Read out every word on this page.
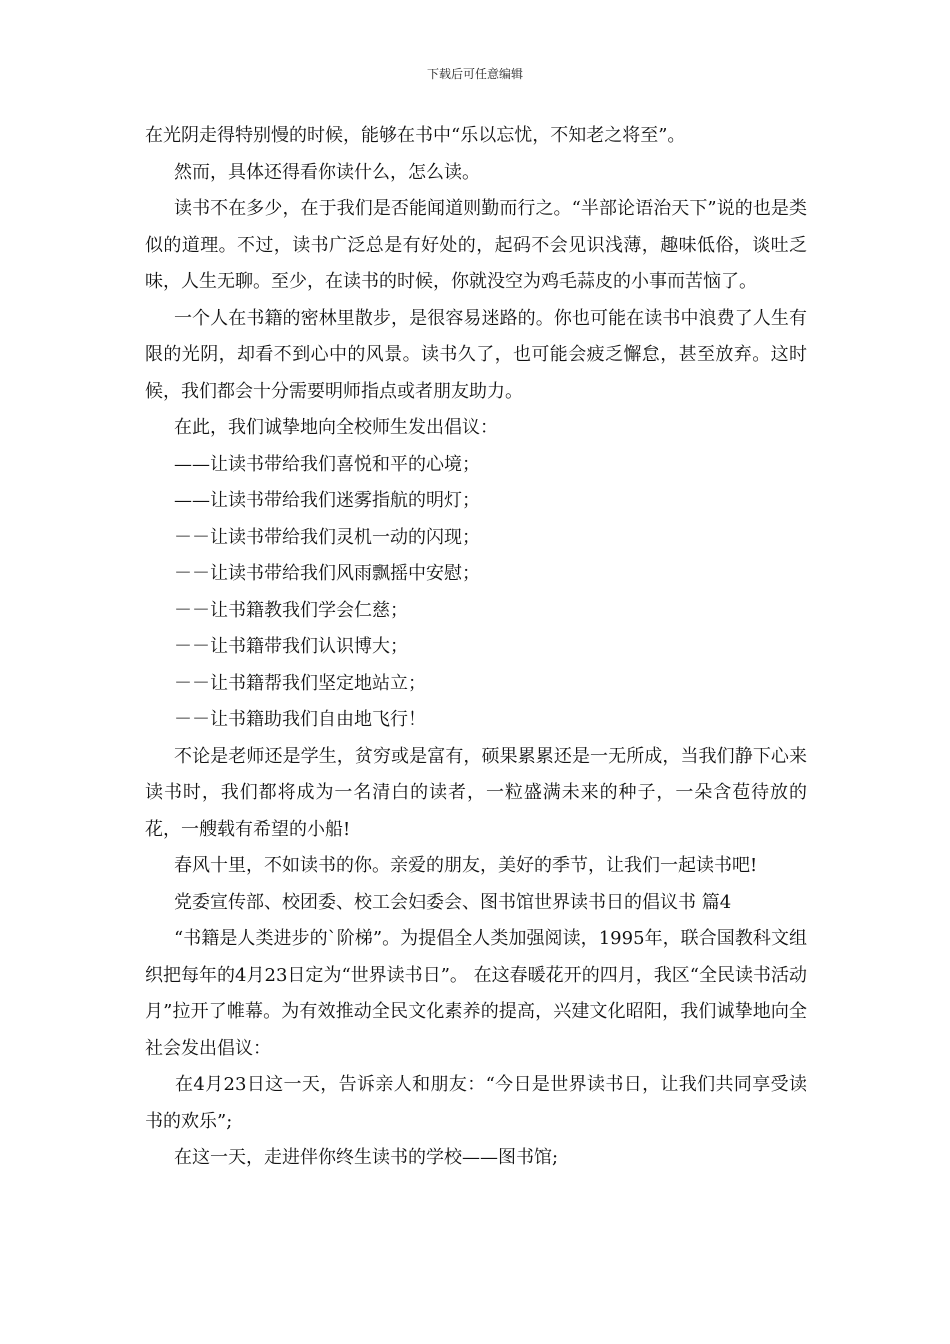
下载后可任意编辑

在光阴走得特别慢的时候，能够在书中“乐以忘忧，不知老之将至”。

然而，具体还得看你读什么，怎么读。

读书不在多少，在于我们是否能闻道则勤而行之。“半部论语治天下”说的也是类似的道理。不过，读书广泛总是有好处的，起码不会见识浅薄，趣味低俗，谈吐乏味，人生无聊。至少，在读书的时候，你就没空为鸡毛蒜皮的小事而苦恼了。

一个人在书籍的密林里散步，是很容易迷路的。你也可能在读书中浪费了人生有限的光阴，却看不到心中的风景。读书久了，也可能会疲乏懈怠，甚至放弃。这时候，我们都会十分需要明师指点或者朋友助力。

在此，我们诚挚地向全校师生发出倡议：

——让读书带给我们喜悦和平的心境；

——让读书带给我们迷雾指航的明灯；

－－让读书带给我们灵机一动的闪现；

－－让读书带给我们风雨飘摇中安慰；

－－让书籍教我们学会仁慈；

－－让书籍带我们认识博大；

－－让书籍帮我们坚定地站立；

－－让书籍助我们自由地飞行！

不论是老师还是学生，贫穷或是富有，硕果累累还是一无所成，当我们静下心来读书时，我们都将成为一名清白的读者，一粒盛满未来的种子，一朵含苞待放的花，一艘载有希望的小船!

春风十里，不如读书的你。亲爱的朋友，美好的季节，让我们一起读书吧!

党委宣传部、校团委、校工会妇委会、图书馆世界读书日的倡议书 篇4

“书籍是人类进步的`阶梯”。为提倡全人类加强阅读，1995年，联合国教科文组织把每年的4月23日定为“世界读书日”。 在这春暖花开的四月，我区“全民读书活动月”拉开了帷幕。为有效推动全民文化素养的提高，兴建文化昭阳，我们诚挚地向全社会发出倡议：

在4月23日这一天，告诉亲人和朋友：“今日是世界读书日，让我们共同享受读书的欢乐”;

在这一天，走进伴你终生读书的学校——图书馆;
